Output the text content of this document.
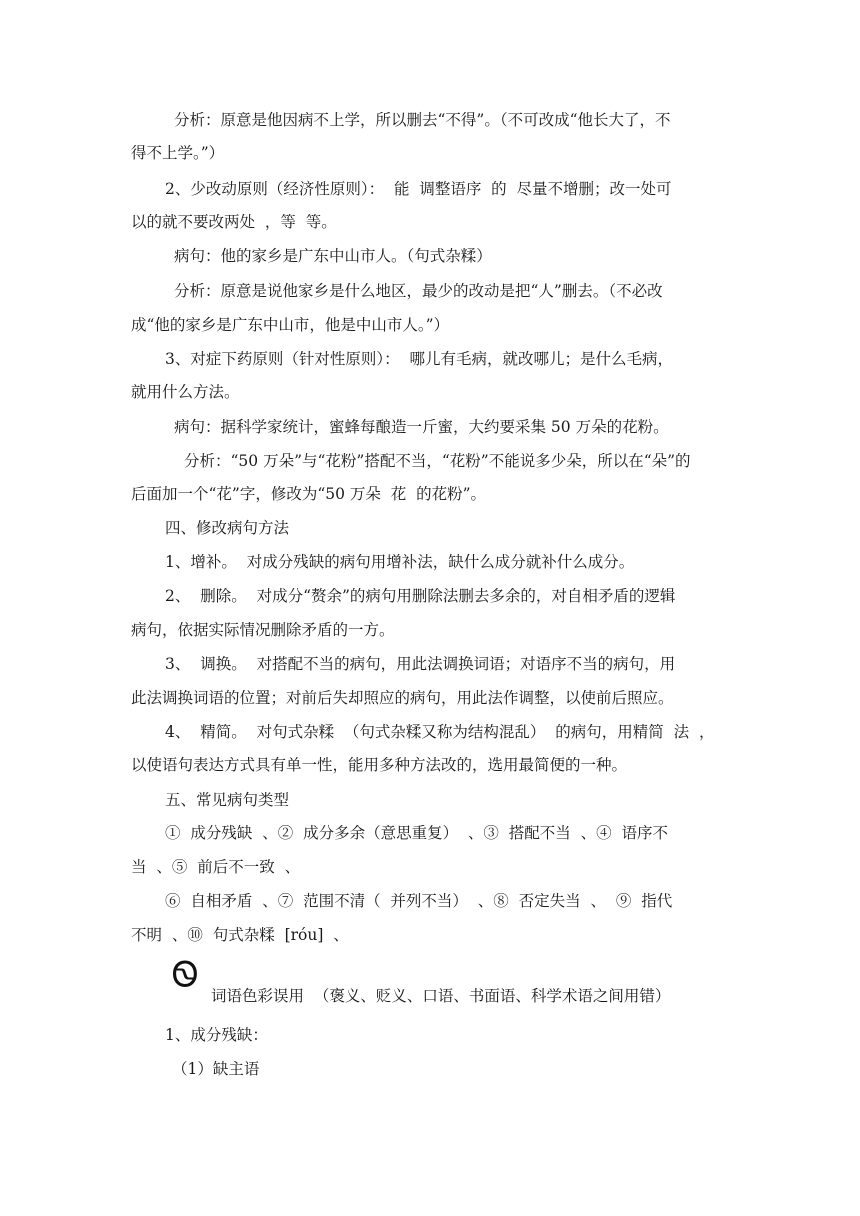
分析：原意是他因病不上学，所以删去“不得”。（不可改成“他长大了，不
得不上学。”）
2、少改动原则（经济性原则）：  能  调整语序  的  尽量不增删；改一处可
以的就不要改两处  ，等  等。
病句：他的家乡是广东中山市人。（句式杂糅）
分析：原意是说他家乡是什么地区，最少的改动是把“人”删去。（不必改
成“他的家乡是广东中山市，他是中山市人。”）
3、对症下药原则（针对性原则）：  哪儿有毛病，就改哪儿；是什么毛病，
就用什么方法。
病句：据科学家统计，蜜蜂每酿造一斤蜜，大约要采集 50 万朵的花粉。
分析：“50 万朵”与“花粉”搭配不当，“花粉”不能说多少朵，所以在“朵”的
后面加一个“花”字，修改为“50 万朵  花  的花粉”。
四、修改病句方法
1、增补。  对成分残缺的病句用增补法，缺什么成分就补什么成分。
2、  删除。  对成分“赘余”的病句用删除法删去多余的，对自相矛盾的逻辑
病句，依据实际情况删除矛盾的一方。
3、  调换。  对搭配不当的病句，用此法调换词语；对语序不当的病句，用
此法调换词语的位置；对前后失却照应的病句，用此法作调整，以使前后照应。
4、  精简。  对句式杂糅  （句式杂糅又称为结构混乱）  的病句，用精简  法  ，
以使语句表达方式具有单一性，能用多种方法改的，选用最简便的一种。
五、常见病句类型
①  成分残缺  、②  成分多余（意思重复）  、③  搭配不当  、④  语序不
当  、⑤  前后不一致  、
⑥  自相矛盾  、⑦  范围不清（  并列不当）  、⑧  否定失当  、  ⑨  指代
不明  、⑩  句式杂糅  [róu]  、
Ꮻ
词语色彩误用  （褒义、贬义、口语、书面语、科学术语之间用错）
1、成分残缺：
（1）缺主语
